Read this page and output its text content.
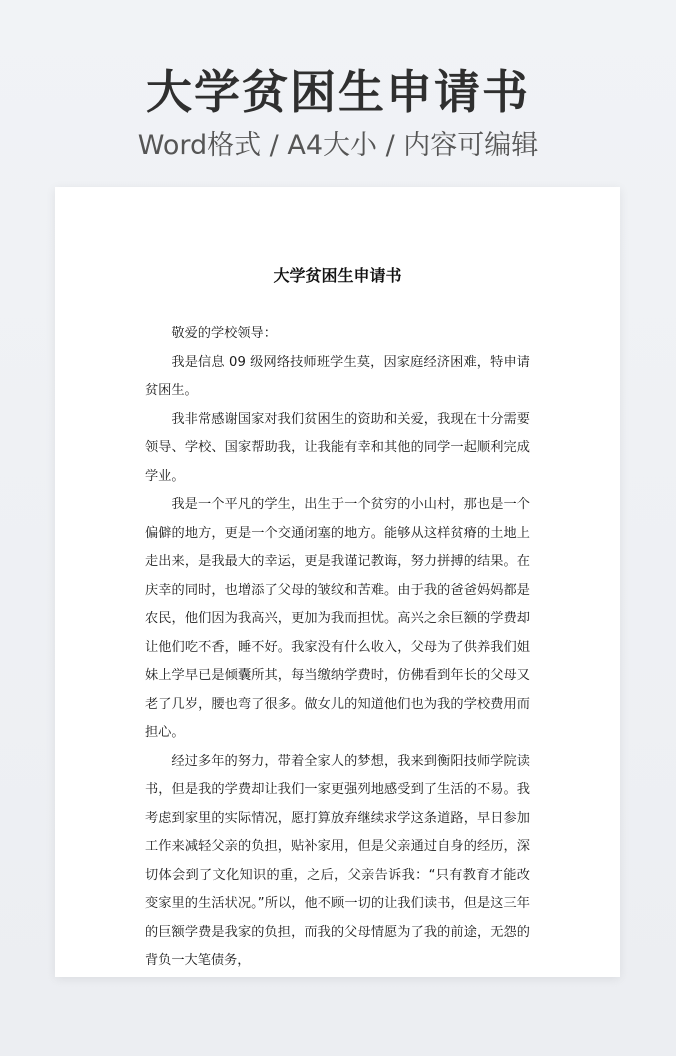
大学贫困生申请书
Word格式 / A4大小 / 内容可编辑
大学贫困生申请书

敬爱的学校领导：

我是信息 09 级网络技师班学生莫，因家庭经济困难，特申请贫困生。

我非常感谢国家对我们贫困生的资助和关爱，我现在十分需要领导、学校、国家帮助我，让我能有幸和其他的同学一起顺利完成学业。

我是一个平凡的学生，出生于一个贫穷的小山村，那也是一个偏僻的地方，更是一个交通闭塞的地方。能够从这样贫瘠的土地上走出来，是我最大的幸运，更是我谨记教诲，努力拼搏的结果。在庆幸的同时，也增添了父母的皱纹和苦难。由于我的爸爸妈妈都是农民，他们因为我高兴，更加为我而担忧。高兴之余巨额的学费却让他们吃不香，睡不好。我家没有什么收入，父母为了供养我们姐妹上学早已是倾囊所其，每当缴纳学费时，仿佛看到年长的父母又老了几岁，腰也弯了很多。做女儿的知道他们也为我的学校费用而担心。

经过多年的努力，带着全家人的梦想，我来到衡阳技师学院读书，但是我的学费却让我们一家更强列地感受到了生活的不易。我考虑到家里的实际情况，愿打算放弃继续求学这条道路，早日参加工作来减轻父亲的负担，贴补家用，但是父亲通过自身的经历，深切体会到了文化知识的重，之后，父亲告诉我：“只有教育才能改变家里的生活状况。”所以，他不顾一切的让我们读书，但是这三年的巨额学费是我家的负担，而我的父母情愿为了我的前途，无怨的背负一大笔债务，
